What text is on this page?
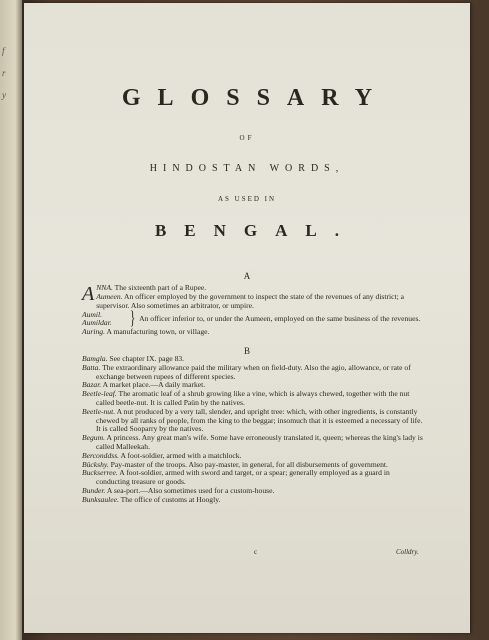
f
r
y	GLOSSARY
OF
HINDOSTAN WORDS,
AS USED IN
BENGAL.
A

ANNA. The sixteenth part of a Rupee.

Aumeen. An officer employed by the government to inspect the state of the revenues of any district; a supervisor. Also sometimes an arbitrator, or umpire.

Aumil.
Aumildar. } An officer inferior to, or under the Aumeen, employed on the same business of the revenues.

Auring. A manufacturing town, or village.

B

Bamgla. See chapter IX. page 83.

Batta. The extraordinary allowance paid the military when on field-duty. Also the agio, allowance, or rate of exchange between rupees of different species.

Bazar. A market place.—A daily market.

Beetle-leaf. The aromatic leaf of a shrub growing like a vine, which is always chewed, together with the nut called beetle-nut. It is called Paün by the natives.

Beetle-nut. A nut produced by a very tall, slender, and upright tree: which, with other ingredients, is constantly chewed by all ranks of people, from the king to the beggar; insomuch that it is esteemed a necessary of life. It is called Sooparry by the natives.

Begum. A princess. Any great man's wife. Some have erroneously translated it, queen; whereas the king's lady is called Malleekah.

Berconddss. A foot-soldier, armed with a matchlock.

Bückshy. Pay-master of the troops. Also pay-master, in general, for all disbursements of government.

Buckserree. A foot-soldier, armed with sword and target, or a spear; generally employed as a guard in conducting treasure or goods.

Bunder. A sea-port.—Also sometimes used for a custom-house.

Bunksaulee. The office of customs at Hoogly.

c	Colldry.
